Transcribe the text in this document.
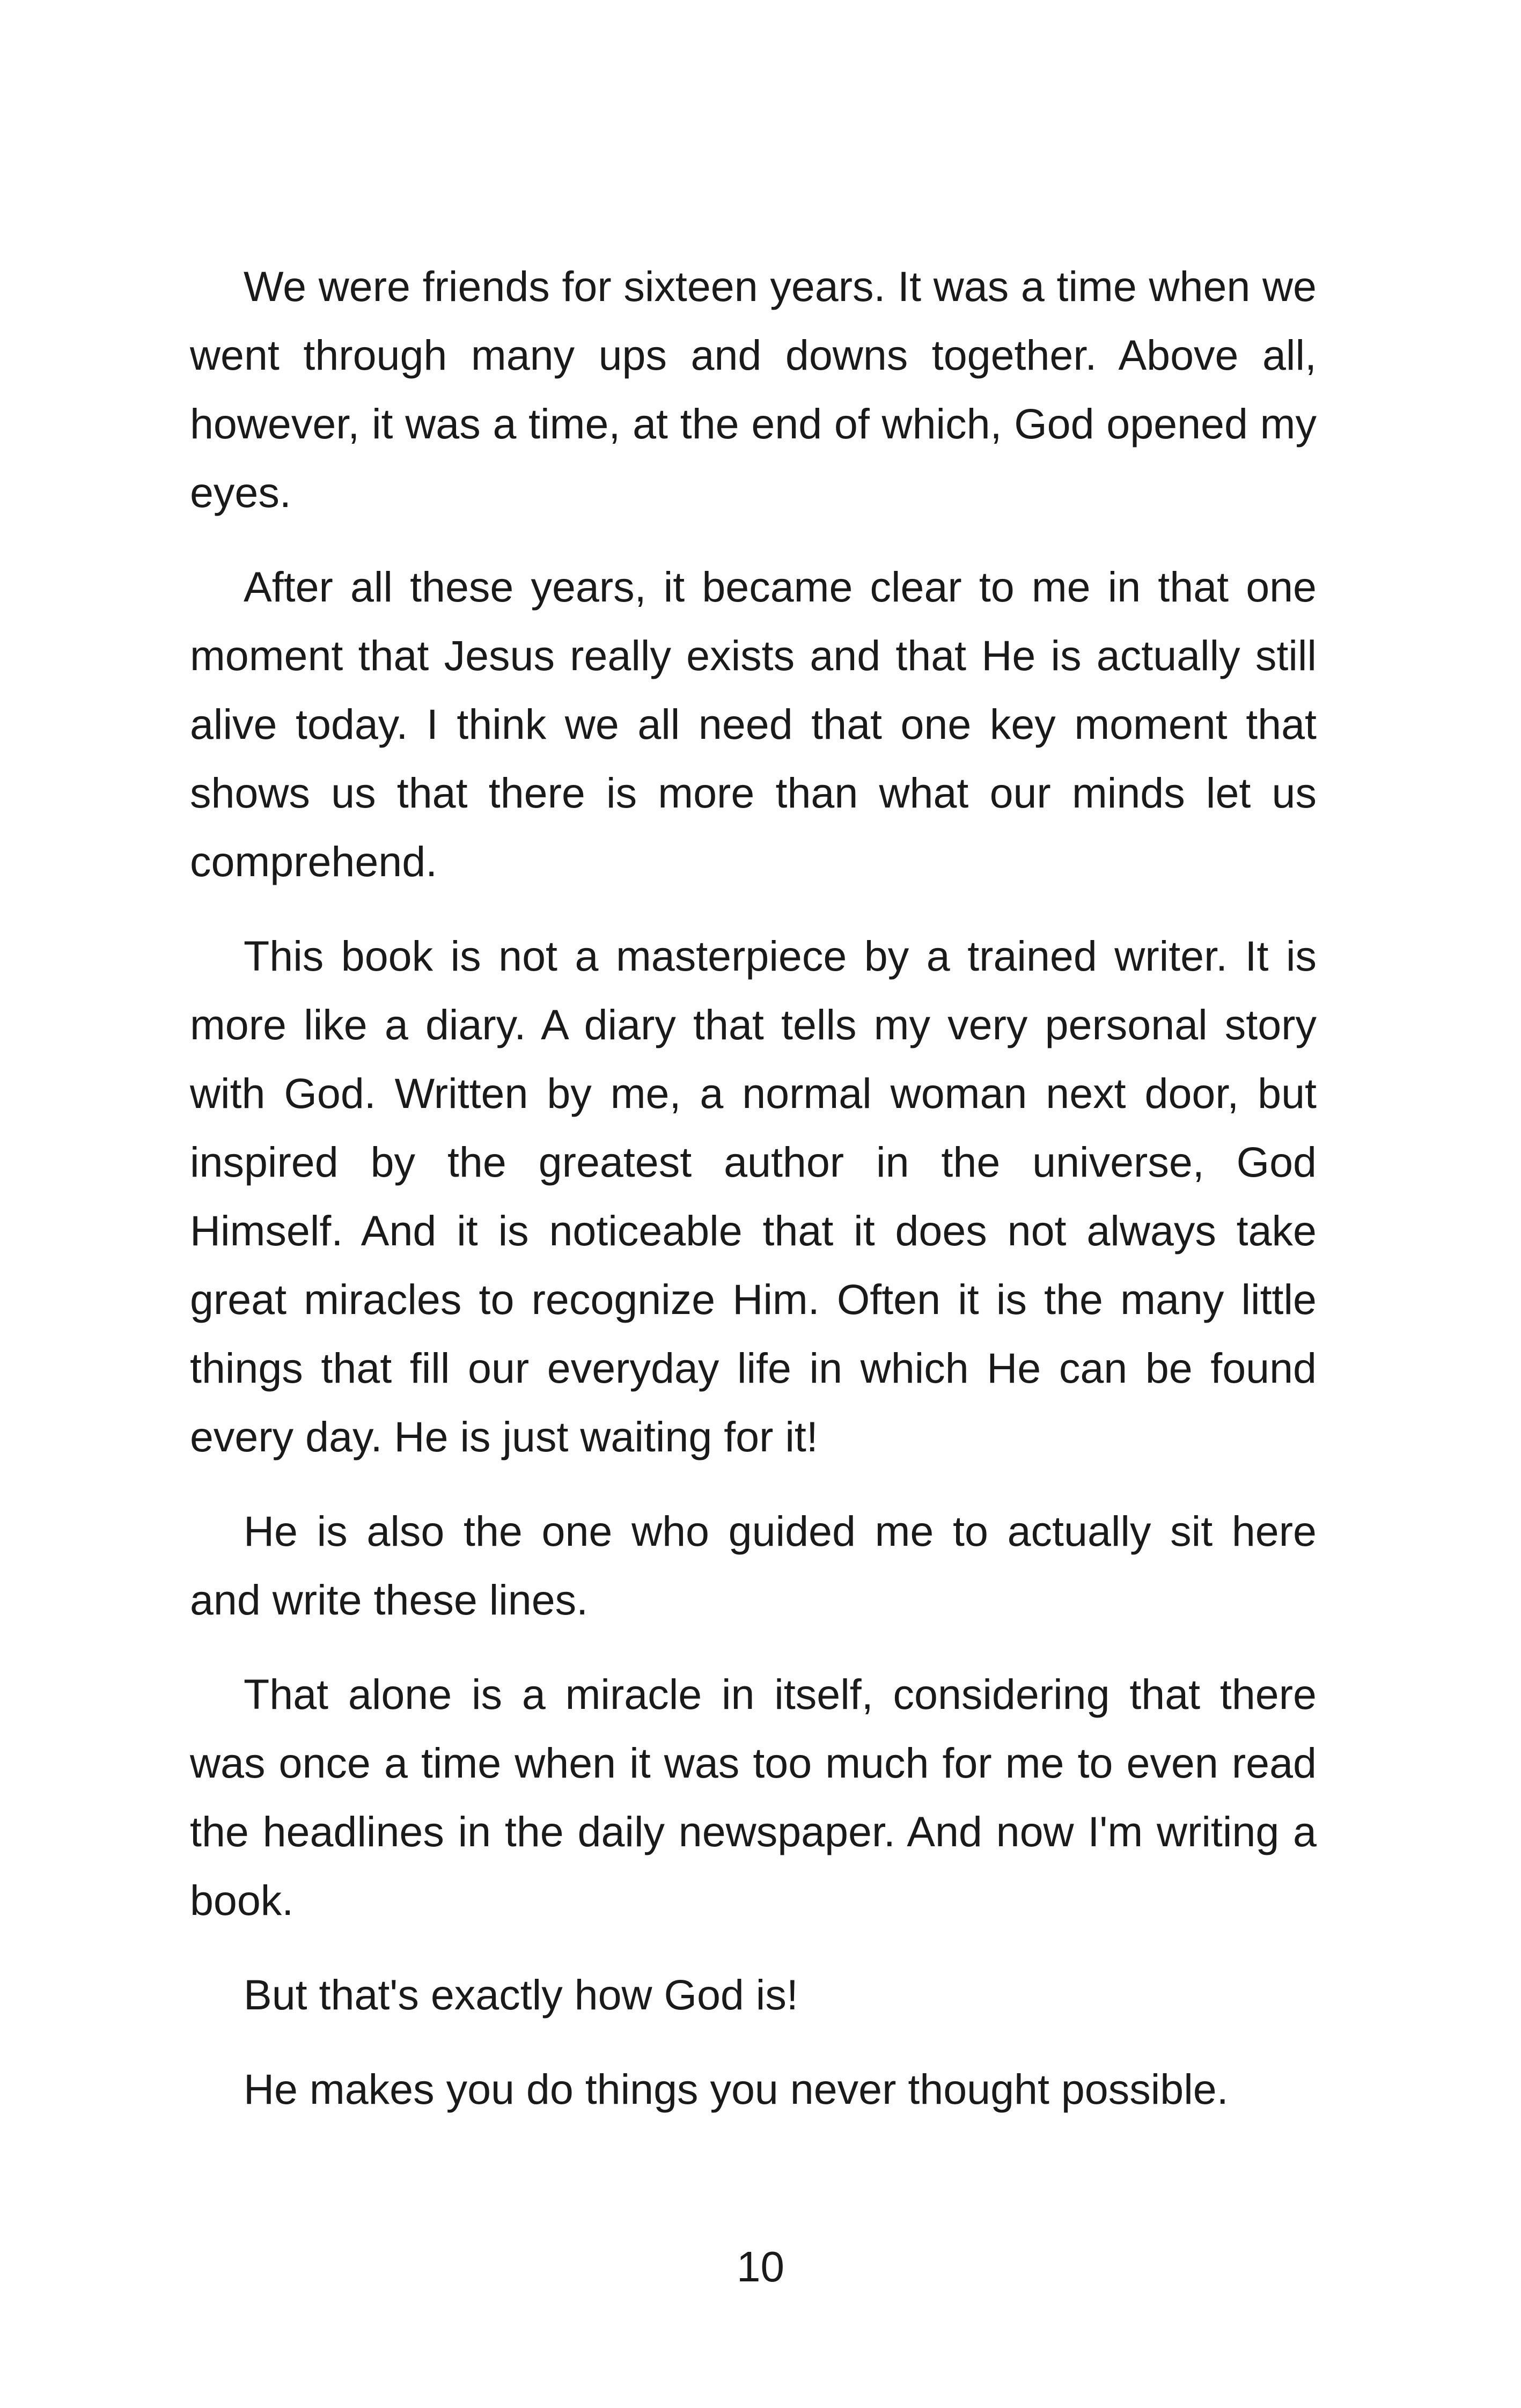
We were friends for sixteen years. It was a time when we went through many ups and downs together. Above all, however, it was a time, at the end of which, God opened my eyes.

After all these years, it became clear to me in that one moment that Jesus really exists and that He is actually still alive today. I think we all need that one key moment that shows us that there is more than what our minds let us comprehend.

This book is not a masterpiece by a trained writer. It is more like a diary. A diary that tells my very personal story with God. Written by me, a normal woman next door, but inspired by the greatest author in the universe, God Himself. And it is noticeable that it does not always take great miracles to recognize Him. Often it is the many little things that fill our everyday life in which He can be found every day. He is just waiting for it!

He is also the one who guided me to actually sit here and write these lines.

That alone is a miracle in itself, considering that there was once a time when it was too much for me to even read the headlines in the daily newspaper. And now I'm writing a book.

But that's exactly how God is!

He makes you do things you never thought possible.

10
